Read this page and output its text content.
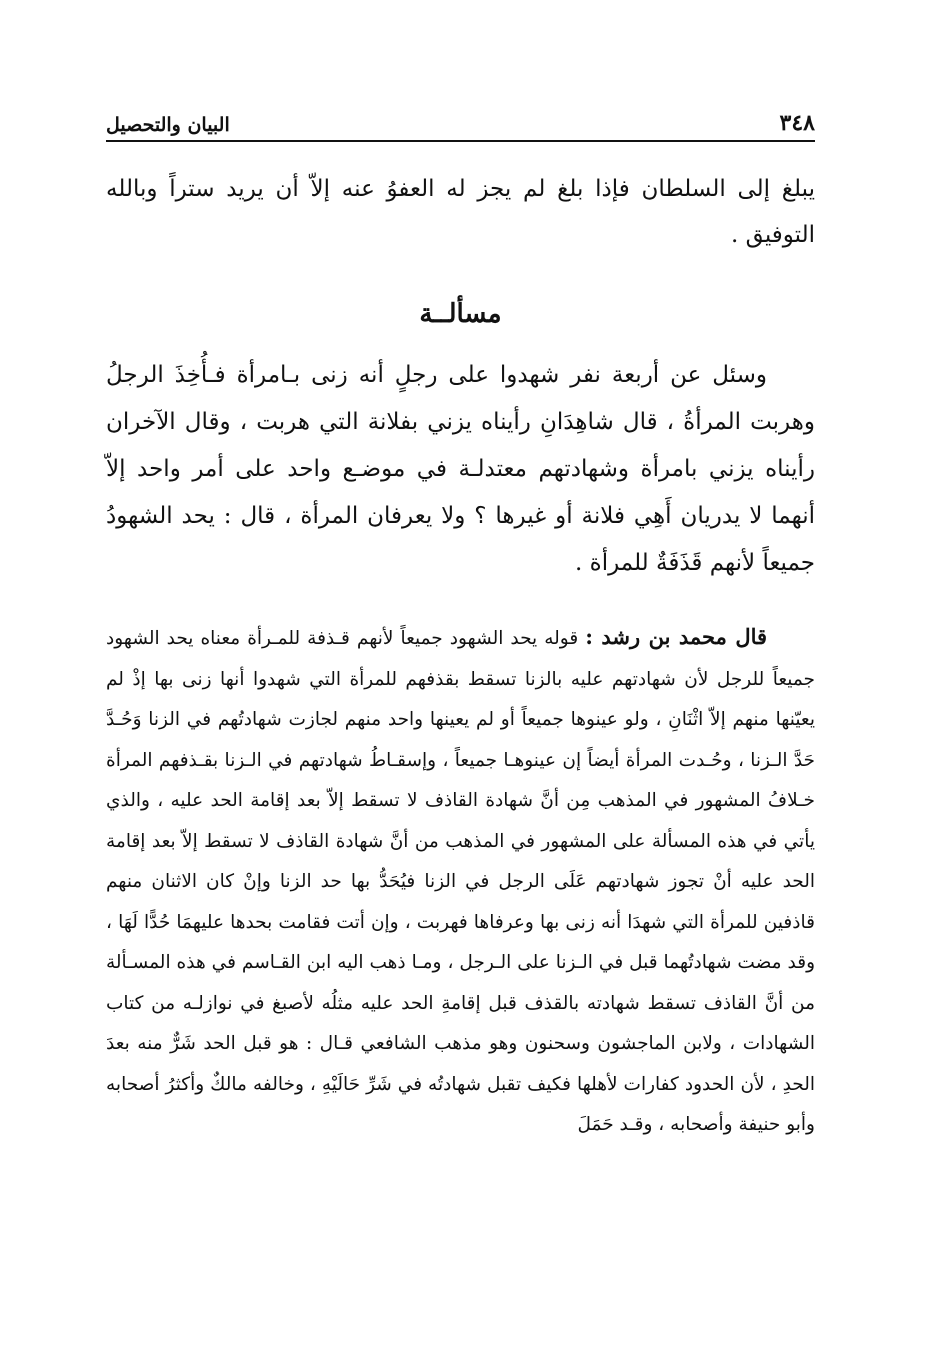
٣٤٨
البيان والتحصيل

يبلغ إلى السلطان فإذا بلغ لم يجز له العفوُ عنه إلاّ أن يريد ستراً وبالله التوفيق .

مسألــة

وسئل عن أربعة نفر شهدوا على رجلٍ أنه زنى بـامرأة فـأُخِذَ الرجلُ وهربت المرأةُ ، قال شاهِدَانِ رأيناه يزني بفلانة التي هربت ، وقال الآخران رأيناه يزني بامرأة وشهادتهم معتدلـة في موضـع واحد على أمر واحد إلاّ أنهما لا يدريان أَهِي فلانة أو غيرها ؟ ولا يعرفان المرأة ، قال : يحد الشهودُ جميعاً لأنهم قَذَفَةٌ للمرأة .

قال محمد بن رشد : قوله يحد الشهود جميعاً لأنهم قـذفة للمـرأة معناه يحد الشهود جميعاً للرجل لأن شهادتهم عليه بالزنا تسقط بقذفهم للمرأة التي شهدوا أنها زنى بها إذْ لم يعيّنها منهم إلاّ اثْنَانِ ، ولو عينوها جميعاً أو لم يعينها واحد منهم لجازت شهادتُهم في الزنا وَحُـدَّ حَدَّ الـزنا ، وحُـدت المرأة أيضاً إن عينوهـا جميعاً ، وإسقـاطُ شهادتهم في الـزنا بقـذفهم المرأة خـلافُ المشهور في المذهب مِن أنَّ شهادة القاذف لا تسقط إلاّ بعد إقامة الحد عليه ، والذي يأتي في هذه المسألة على المشهور في المذهب من أنَّ شهادة القاذف لا تسقط إلاّ بعد إقامة الحد عليه أنْ تجوز شهادتهم عَلَى الرجل في الزنا فيُحَدُّ بها حد الزنا وإنْ كان الاثنان منهم قاذفين للمرأة التي شهدَا أنه زنى بها وعرفاها فهربت ، وإن أتت فقامت بحدها عليهمَا حُدًّا لَهَا ، وقد مضت شهادتُهما قبل في الـزنا على الـرجل ، ومـا ذهب اليه ابن القـاسم في هذه المسـألة من أنَّ القاذف تسقط شهادته بالقذف قبل إقامةِ الحد عليه مثلُه لأصبغ في نوازلـه من كتاب الشهادات ، ولابن الماجشون وسحنون وهو مذهب الشافعي قـال : هو قبل الحد شَرٌّ منه بعدَ الحدِ ، لأن الحدود كفارات لأهلها فكيف تقبل شهادتُه في شَرِّ حَالَيْهِ ، وخالفه مالكٌ وأكثرُ أصحابه وأبو حنيفة وأصحابه ، وقـد حَمَلَ
